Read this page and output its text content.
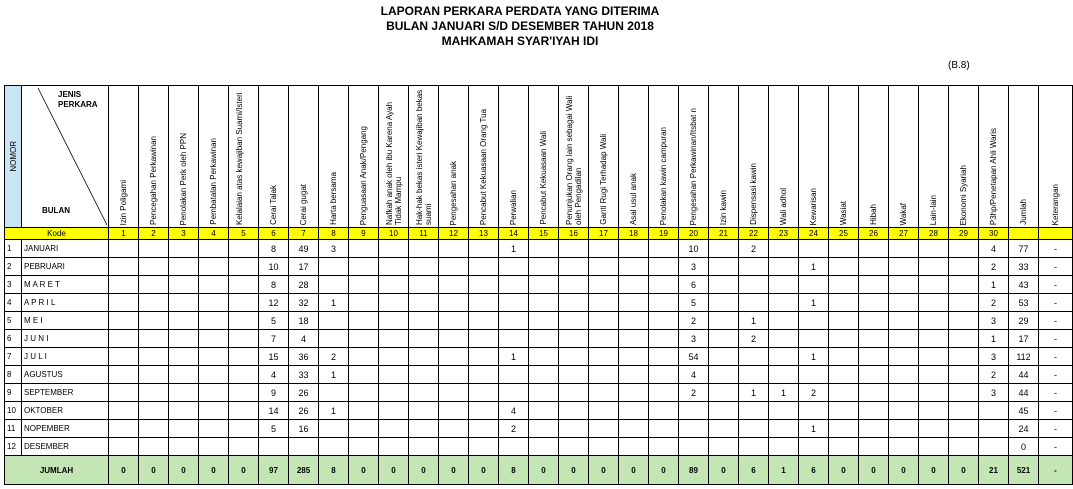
LAPORAN PERKARA PERDATA YANG DITERIMA
BULAN JANUARI S/D DESEMBER TAHUN 2018
MAHKAMAH SYAR'IYAH IDI
(B.8)
NOMOR	JENIS PERKARA
BULAN	Izin Poligami	Pencegahan Perkawinan	Penolakan Perk oleh PPN	Pembatalan Perkawinan	Kelalaian atas kewajiban Suami/Isteri	Cerai Talak	Cerai gugat	Harta bersama	Penguasaan Anak/Pengang	Nafkah anak oleh ibu Karena Ayah Tidak Mampu	Hak-hak bekas isteri Kewajiban bekas suami	Pengesahan anak	Pencabut Kekuasaan Orang Tua	Perwalian	Pencabut Kekuasaan Wali	Penunjukan Orang lain sebagai Wali oleh Pengadilan	Ganti Rugi Terhadap Wali	Asal usul anak	Penolakan kawin campuran	Pengesahan Perkawinan/Itsbat n	Izin kawin	Dispensasi kawin	Wali adhol	Kewarisan	Wasiat	Hibah	Wakaf	Lain-lain	Ekonomi Syariah	P3hp/Penetapan Ahli Waris	Jumlah	Keterangan

Kode		1	2	3	4	5	6	7	8	9	10	11	12	13	14	15	16	17	18	19	20	21	22	23	24	25	26	27	28	29	30		
1	JANUARI						8	49	3						1						10		2								4	77	-
2	PEBRUARI						10	17													3				1						2	33	-
3	M A R E T						8	28													6										1	43	-
4	A P R I L						12	32	1												5				1						2	53	-
5	M E I						5	18													2		1								3	29	-
6	J U N I						7	4													3		2								1	17	-
7	J U L I						15	36	2						1						54				1						3	112	-
8	AGUSTUS						4	33	1												4										2	44	-
9	SEPTEMBER						9	26													2		1	1	2						3	44	-
10	OKTOBER						14	26	1						4																	45	-
11	NOPEMBER						5	16							2										1							24	-
12	DESEMBER																															0	-
JUMLAH		0	0	0	0	0	97	285	8	0	0	0	0	0	8	0	0	0	0	0	89	0	6	1	6	0	0	0	0	0	21	521	-
